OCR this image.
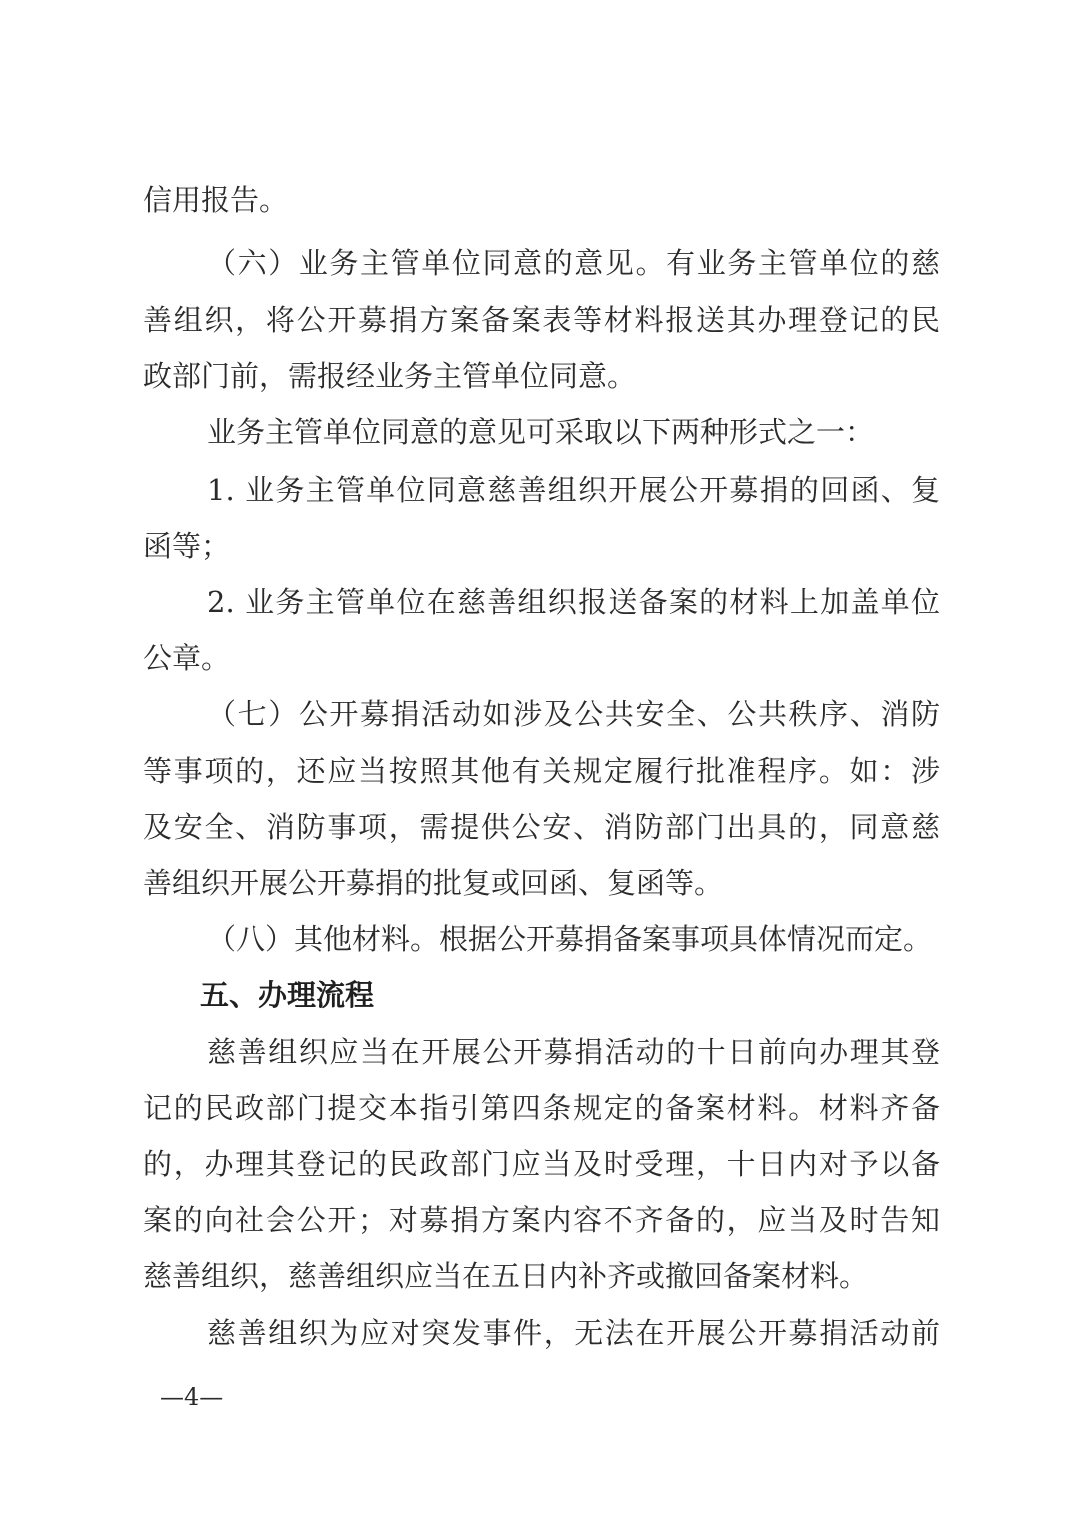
信用报告。
（六）业务主管单位同意的意见。有业务主管单位的慈
善组织，将公开募捐方案备案表等材料报送其办理登记的民
政部门前，需报经业务主管单位同意。
业务主管单位同意的意见可采取以下两种形式之一：
1. 业务主管单位同意慈善组织开展公开募捐的回函、复
函等；
2. 业务主管单位在慈善组织报送备案的材料上加盖单位
公章。
（七）公开募捐活动如涉及公共安全、公共秩序、消防
等事项的，还应当按照其他有关规定履行批准程序。如：涉
及安全、消防事项，需提供公安、消防部门出具的，同意慈
善组织开展公开募捐的批复或回函、复函等。
（八）其他材料。根据公开募捐备案事项具体情况而定。
五、办理流程
慈善组织应当在开展公开募捐活动的十日前向办理其登
记的民政部门提交本指引第四条规定的备案材料。材料齐备
的，办理其登记的民政部门应当及时受理，十日内对予以备
案的向社会公开；对募捐方案内容不齐备的，应当及时告知
慈善组织，慈善组织应当在五日内补齐或撤回备案材料。
慈善组织为应对突发事件，无法在开展公开募捐活动前
—4—
